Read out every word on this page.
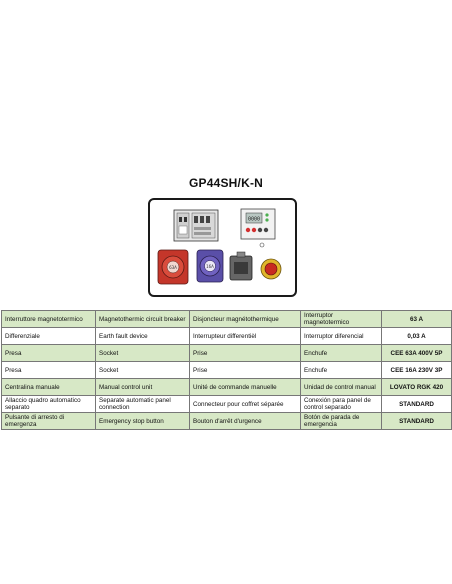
GP44SH/K-N
0000
63A	16A
Interruttore magnetotermico	Magnetothermic circuit breaker	Disjoncteur magnétothermique	Interruptor magnetotermico	63 A
Differenziale	Earth fault device	Interrupteur differentièl	Interruptor diferencial	0,03 A
Presa	Socket	Prise	Enchufe	CEE 63A 400V 5P
Presa	Socket	Prise	Enchufe	CEE 16A 230V 3P
Centralina manuale	Manual control unit	Unité de commande manuelle	Unidad de control manual	LOVATO RGK 420
Allaccio quadro automatico separato	Separate automatic panel connection	Connecteur pour coffret séparée	Conexión para panel de control separado	STANDARD
Pulsante di arresto di emergenza	Emergency stop button	Bouton d'arrêt d'urgence	Botón de parada de emergencia	STANDARD
